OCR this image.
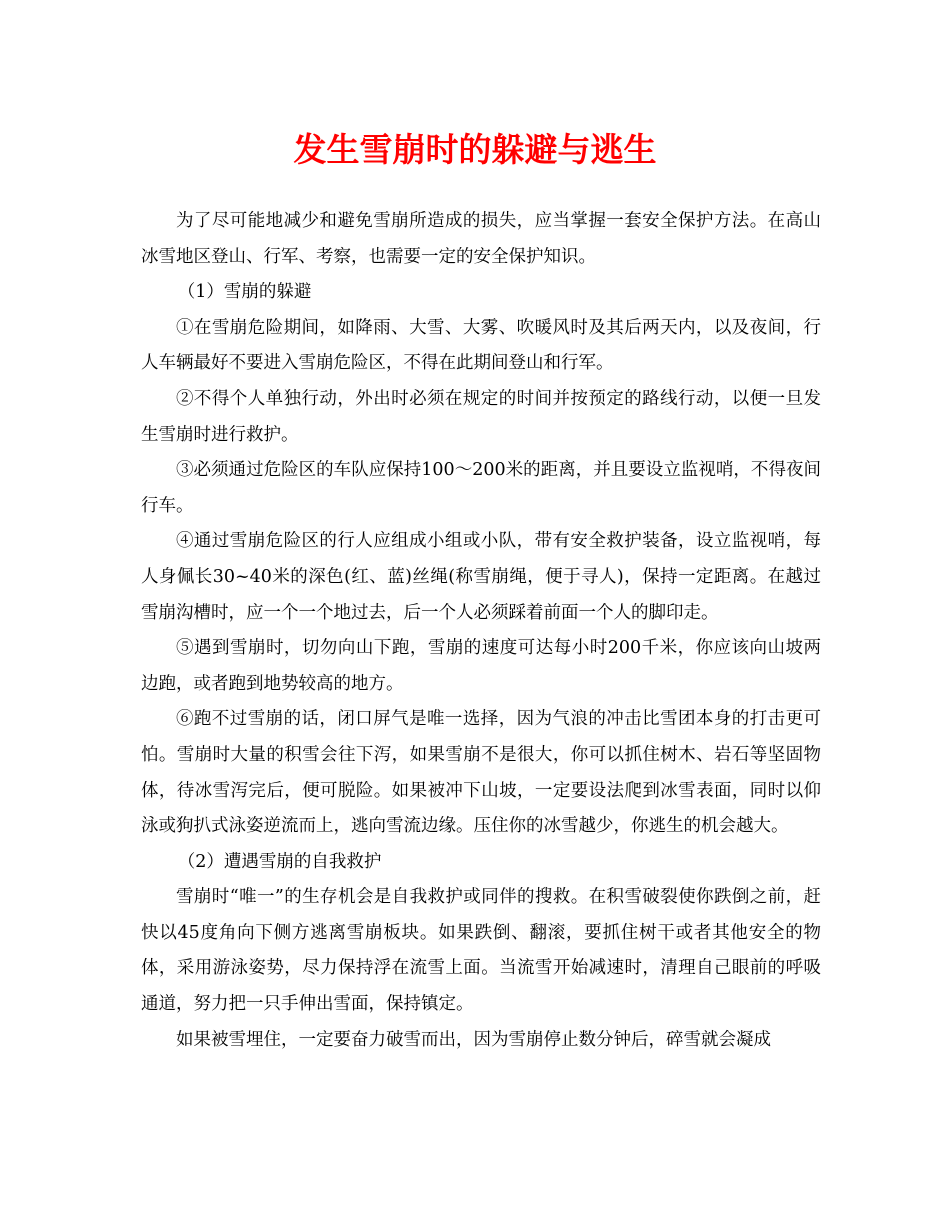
发生雪崩时的躲避与逃生

为了尽可能地减少和避免雪崩所造成的损失，应当掌握一套安全保护方法。在高山冰雪地区登山、行军、考察，也需要一定的安全保护知识。

（1）雪崩的躲避

①在雪崩危险期间，如降雨、大雪、大雾、吹暖风时及其后两天内，以及夜间，行人车辆最好不要进入雪崩危险区，不得在此期间登山和行军。

②不得个人单独行动，外出时必须在规定的时间并按预定的路线行动，以便一旦发生雪崩时进行救护。

③必须通过危险区的车队应保持100～200米的距离，并且要设立监视哨，不得夜间行车。

④通过雪崩危险区的行人应组成小组或小队，带有安全救护装备，设立监视哨，每人身佩长30~40米的深色(红、蓝)丝绳(称雪崩绳，便于寻人)，保持一定距离。在越过雪崩沟槽时，应一个一个地过去，后一个人必须踩着前面一个人的脚印走。

⑤遇到雪崩时，切勿向山下跑，雪崩的速度可达每小时200千米，你应该向山坡两边跑，或者跑到地势较高的地方。

⑥跑不过雪崩的话，闭口屏气是唯一选择，因为气浪的冲击比雪团本身的打击更可怕。雪崩时大量的积雪会往下泻，如果雪崩不是很大，你可以抓住树木、岩石等坚固物体，待冰雪泻完后，便可脱险。如果被冲下山坡，一定要设法爬到冰雪表面，同时以仰泳或狗扒式泳姿逆流而上，逃向雪流边缘。压住你的冰雪越少，你逃生的机会越大。

（2）遭遇雪崩的自我救护

雪崩时“唯一”的生存机会是自我救护或同伴的搜救。在积雪破裂使你跌倒之前，赶快以45度角向下侧方逃离雪崩板块。如果跌倒、翻滚，要抓住树干或者其他安全的物体，采用游泳姿势，尽力保持浮在流雪上面。当流雪开始减速时，清理自己眼前的呼吸通道，努力把一只手伸出雪面，保持镇定。

如果被雪埋住，一定要奋力破雪而出，因为雪崩停止数分钟后，碎雪就会凝成
